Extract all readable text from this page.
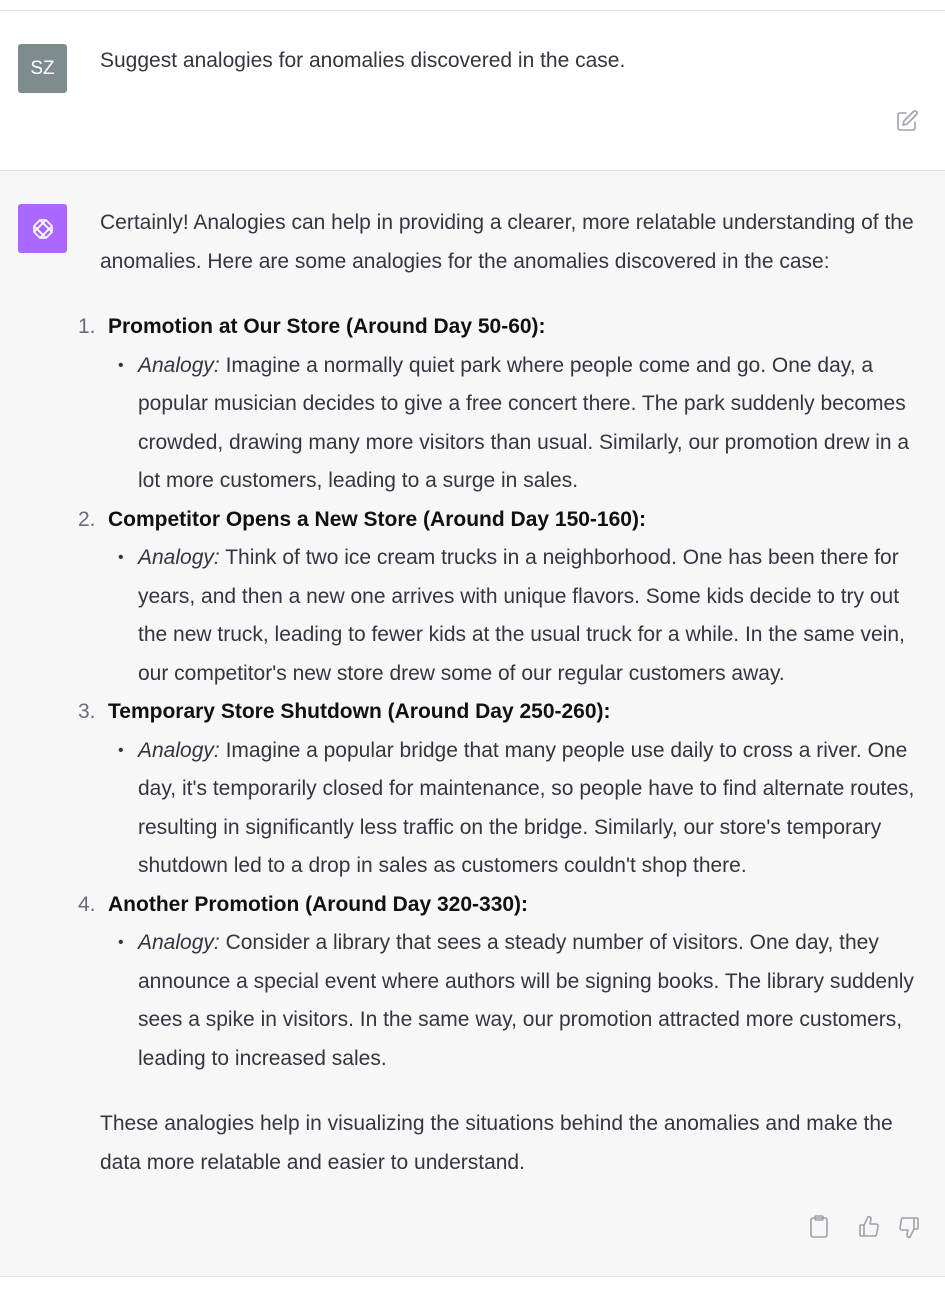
SZ Suggest analogies for anomalies discovered in the case.

Certainly! Analogies can help in providing a clearer, more relatable understanding of the anomalies. Here are some analogies for the anomalies discovered in the case:

1. Promotion at Our Store (Around Day 50-60):
• Analogy: Imagine a normally quiet park where people come and go. One day, a popular musician decides to give a free concert there. The park suddenly becomes crowded, drawing many more visitors than usual. Similarly, our promotion drew in a lot more customers, leading to a surge in sales.
2. Competitor Opens a New Store (Around Day 150-160):
• Analogy: Think of two ice cream trucks in a neighborhood. One has been there for years, and then a new one arrives with unique flavors. Some kids decide to try out the new truck, leading to fewer kids at the usual truck for a while. In the same vein, our competitor's new store drew some of our regular customers away.
3. Temporary Store Shutdown (Around Day 250-260):
• Analogy: Imagine a popular bridge that many people use daily to cross a river. One day, it's temporarily closed for maintenance, so people have to find alternate routes, resulting in significantly less traffic on the bridge. Similarly, our store's temporary shutdown led to a drop in sales as customers couldn't shop there.
4. Another Promotion (Around Day 320-330):
• Analogy: Consider a library that sees a steady number of visitors. One day, they announce a special event where authors will be signing books. The library suddenly sees a spike in visitors. In the same way, our promotion attracted more customers, leading to increased sales.

These analogies help in visualizing the situations behind the anomalies and make the data more relatable and easier to understand.
